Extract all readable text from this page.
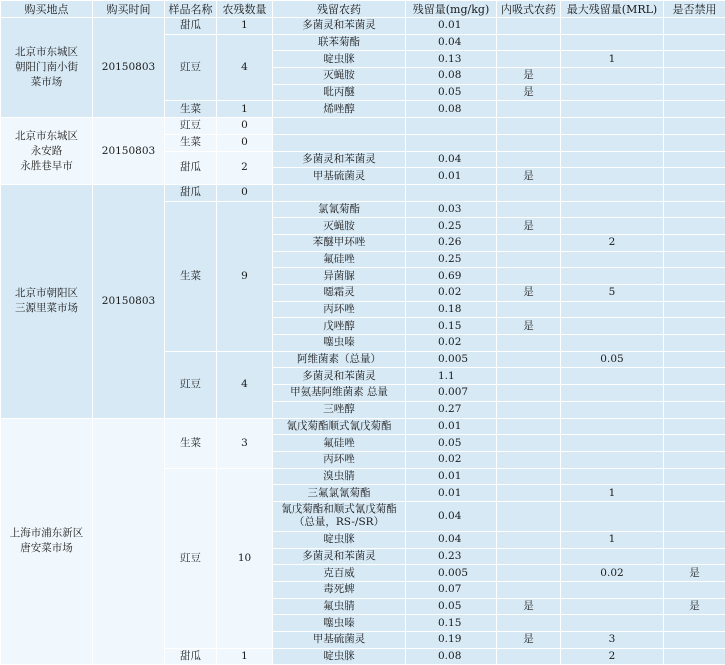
购买地点	购买时间	样品名称	农残数量	残留农药	残留量(mg/kg)	内吸式农药	最大残留量(MRL)	是否禁用

北京市东城区
朝阳门南小街
菜市场	20150803	甜瓜	1	多菌灵和苯菌灵	0.01			
		豇豆	4	联苯菊酯	0.04			
				啶虫脒	0.13		1	
				灭蝇胺	0.08	是		
				吡丙醚	0.05	是		
		生菜	1	烯唑醇	0.08			

北京市东城区
永安路
永胜巷早市	20150803	豇豆	0					
		生菜	0					
		甜瓜	2	多菌灵和苯菌灵	0.04			
				甲基硫菌灵	0.01	是		

北京市朝阳区
三源里菜市场	20150803	甜瓜	0					
		生菜	9	氯氰菊酯	0.03			
				灭蝇胺	0.25	是		
				苯醚甲环唑	0.26		2	
				氟硅唑	0.25			
				异菌脲	0.69			
				噁霜灵	0.02	是	5	
				丙环唑	0.18			
				戊唑醇	0.15	是		
				噻虫嗪	0.02			
		豇豆	4	阿维菌素（总量）	0.005		0.05	
				多菌灵和苯菌灵	1.1			
				甲氨基阿维菌素 总量	0.007			
				三唑醇	0.27			

上海市浦东新区
唐安菜市场		生菜	3	氰戊菊酯顺式氰戊菊酯	0.01			
				氟硅唑	0.05			
				丙环唑	0.02			
		豇豆	10	溴虫腈	0.01			
				三氟氯氰菊酯	0.01		1	
				氰戊菊酯和顺式氰戊菊酯（总量，RS-/SR）	0.04			
				啶虫脒	0.04		1	
				多菌灵和苯菌灵	0.23			
				克百威	0.005		0.02	是
				毒死蜱	0.07			
				氟虫腈	0.05	是		是
				噻虫嗪	0.15			
				甲基硫菌灵	0.19	是	3	
		甜瓜	1	啶虫脒	0.08		2	
